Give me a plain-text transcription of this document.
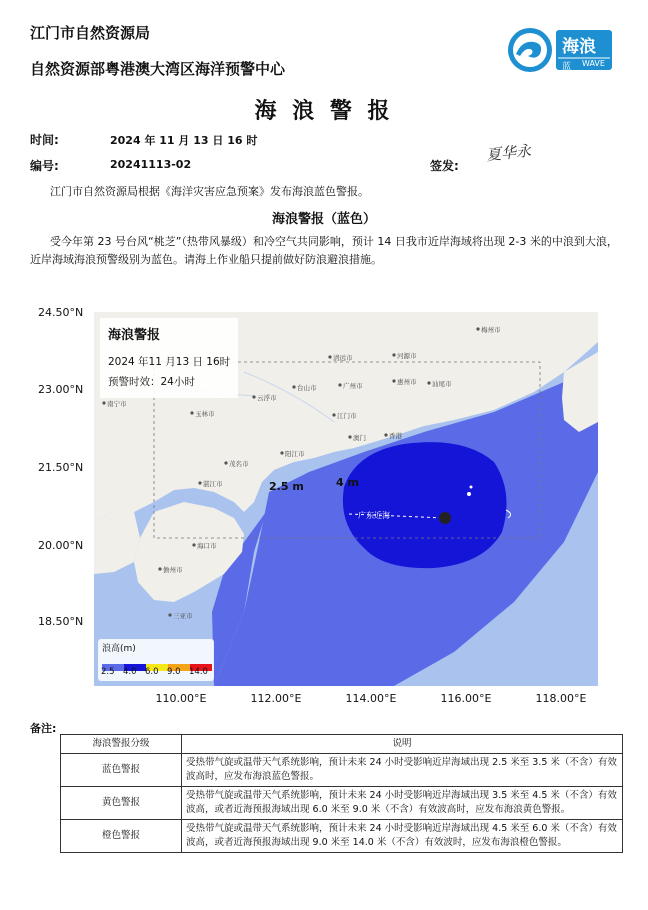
江门市自然资源局
自然资源部粤港澳大湾区海洋预警中心
海浪
蓝 WAVE
海 浪 警 报
时间:	2024 年 11 月 13 日 16 时
编号:	20241113-02	签发:
夏华永
江门市自然资源局根据《海洋灾害应急预案》发布海浪蓝色警报。
海浪警报（蓝色）
受今年第 23 号台风“桃芝”（热带风暴级）和冷空气共同影响，预计 14 日我市近岸海域将出现 2-3 米的中浪到大浪，近岸海域海浪预警级别为蓝色。请海上作业船只提前做好防浪避浪措施。
梅州市
清远市	河源市
汕尾市
广州市	惠州市
南宁市
玉林市
云浮市
江门市
香港
澳门
茂名市
阳江市
湛江市
海口市
儋州市
三亚市
台山市
海浪警报
2024 年11 月13 日 16时
预警时效：24小时
2.5 m	4 m
广东近海
浪高(m)
2.5 4.0 6.0 9.0 14.0
24.50°N
23.00°N
21.50°N
20.00°N
18.50°N
110.00°E	112.00°E	114.00°E	116.00°E	118.00°E
备注:
海浪警报分级	说明
蓝色警报	受热带气旋或温带天气系统影响，预计未来 24 小时受影响近岸海域出现 2.5 米至 3.5 米（不含）有效波高时，应发布海浪蓝色警报。
黄色警报	受热带气旋或温带天气系统影响，预计未来 24 小时受影响近岸海域出现 3.5 米至 4.5 米（不含）有效波高，或者近海预报海域出现 6.0 米至 9.0 米（不含）有效波高时，应发布海浪黄色警报。
橙色警报	受热带气旋或温带天气系统影响，预计未来 24 小时受影响近岸海域出现 4.5 米至 6.0 米（不含）有效波高，或者近海预报海域出现 9.0 米至 14.0 米（不含）有效波时，应发布海浪橙色警报。
